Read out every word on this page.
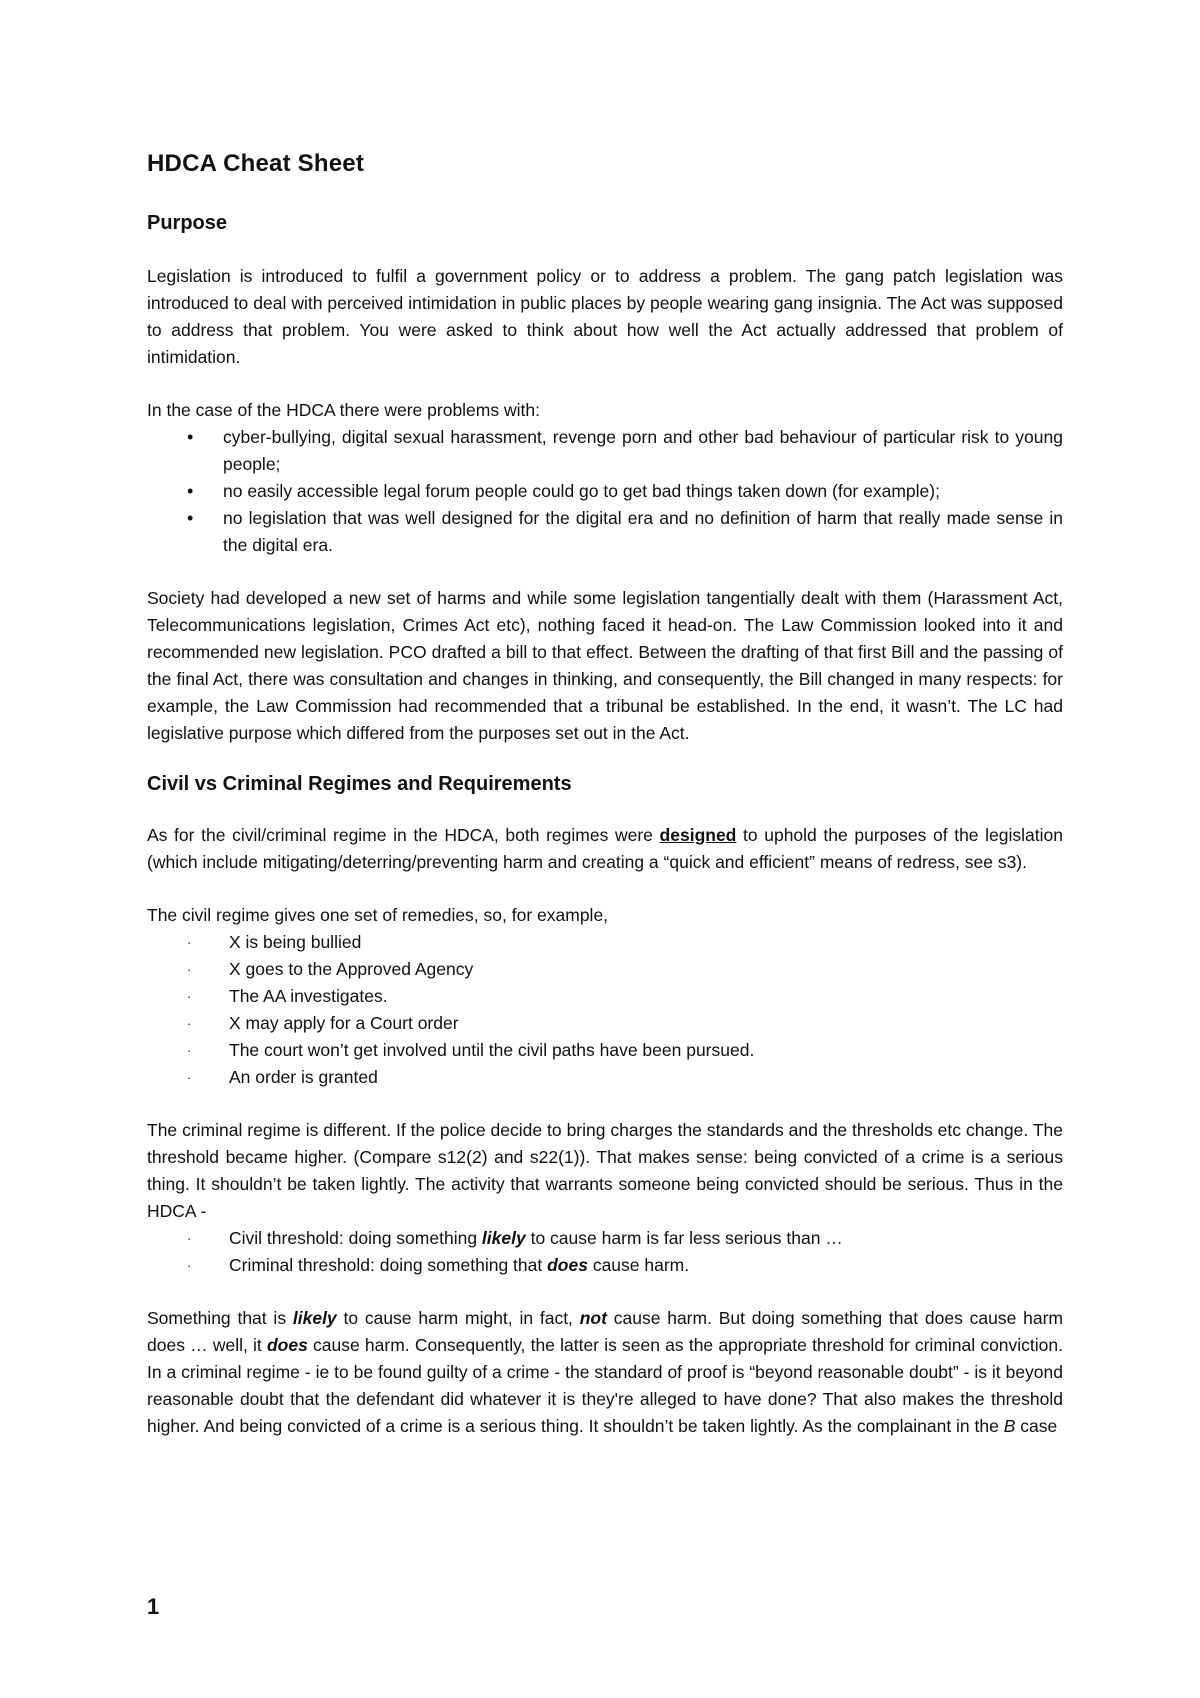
HDCA Cheat Sheet
Purpose

Legislation is introduced to fulfil a government policy or to address a problem. The gang patch legislation was introduced to deal with perceived intimidation in public places by people wearing gang insignia. The Act was supposed to address that problem. You were asked to think about how well the Act actually addressed that problem of intimidation.

In the case of the HDCA there were problems with:

• cyber-bullying, digital sexual harassment, revenge porn and other bad behaviour of particular risk to young people;
• no easily accessible legal forum people could go to get bad things taken down (for example);
• no legislation that was well designed for the digital era and no definition of harm that really made sense in the digital era.

Society had developed a new set of harms and while some legislation tangentially dealt with them (Harassment Act, Telecommunications legislation, Crimes Act etc), nothing faced it head-on. The Law Commission looked into it and recommended new legislation. PCO drafted a bill to that effect. Between the drafting of that first Bill and the passing of the final Act, there was consultation and changes in thinking, and consequently, the Bill changed in many respects: for example, the Law Commission had recommended that a tribunal be established. In the end, it wasn’t. The LC had legislative purpose which differed from the purposes set out in the Act.

Civil vs Criminal Regimes and Requirements

As for the civil/criminal regime in the HDCA, both regimes were designed to uphold the purposes of the legislation (which include mitigating/deterring/preventing harm and creating a “quick and efficient” means of redress, see s3).

The civil regime gives one set of remedies, so, for example,

· X is being bullied
· X goes to the Approved Agency
· The AA investigates.
· X may apply for a Court order
· The court won’t get involved until the civil paths have been pursued.
· An order is granted

The criminal regime is different. If the police decide to bring charges the standards and the thresholds etc change. The threshold became higher. (Compare s12(2) and s22(1)). That makes sense: being convicted of a crime is a serious thing. It shouldn’t be taken lightly. The activity that warrants someone being convicted should be serious. Thus in the HDCA -

· Civil threshold: doing something likely to cause harm is far less serious than …
· Criminal threshold: doing something that does cause harm.

Something that is likely to cause harm might, in fact, not cause harm. But doing something that does cause harm does … well, it does cause harm. Consequently, the latter is seen as the appropriate threshold for criminal conviction. In a criminal regime - ie to be found guilty of a crime - the standard of proof is “beyond reasonable doubt” - is it beyond reasonable doubt that the defendant did whatever it is they're alleged to have done? That also makes the threshold higher. And being convicted of a crime is a serious thing. It shouldn’t be taken lightly. As the complainant in the B case

1
